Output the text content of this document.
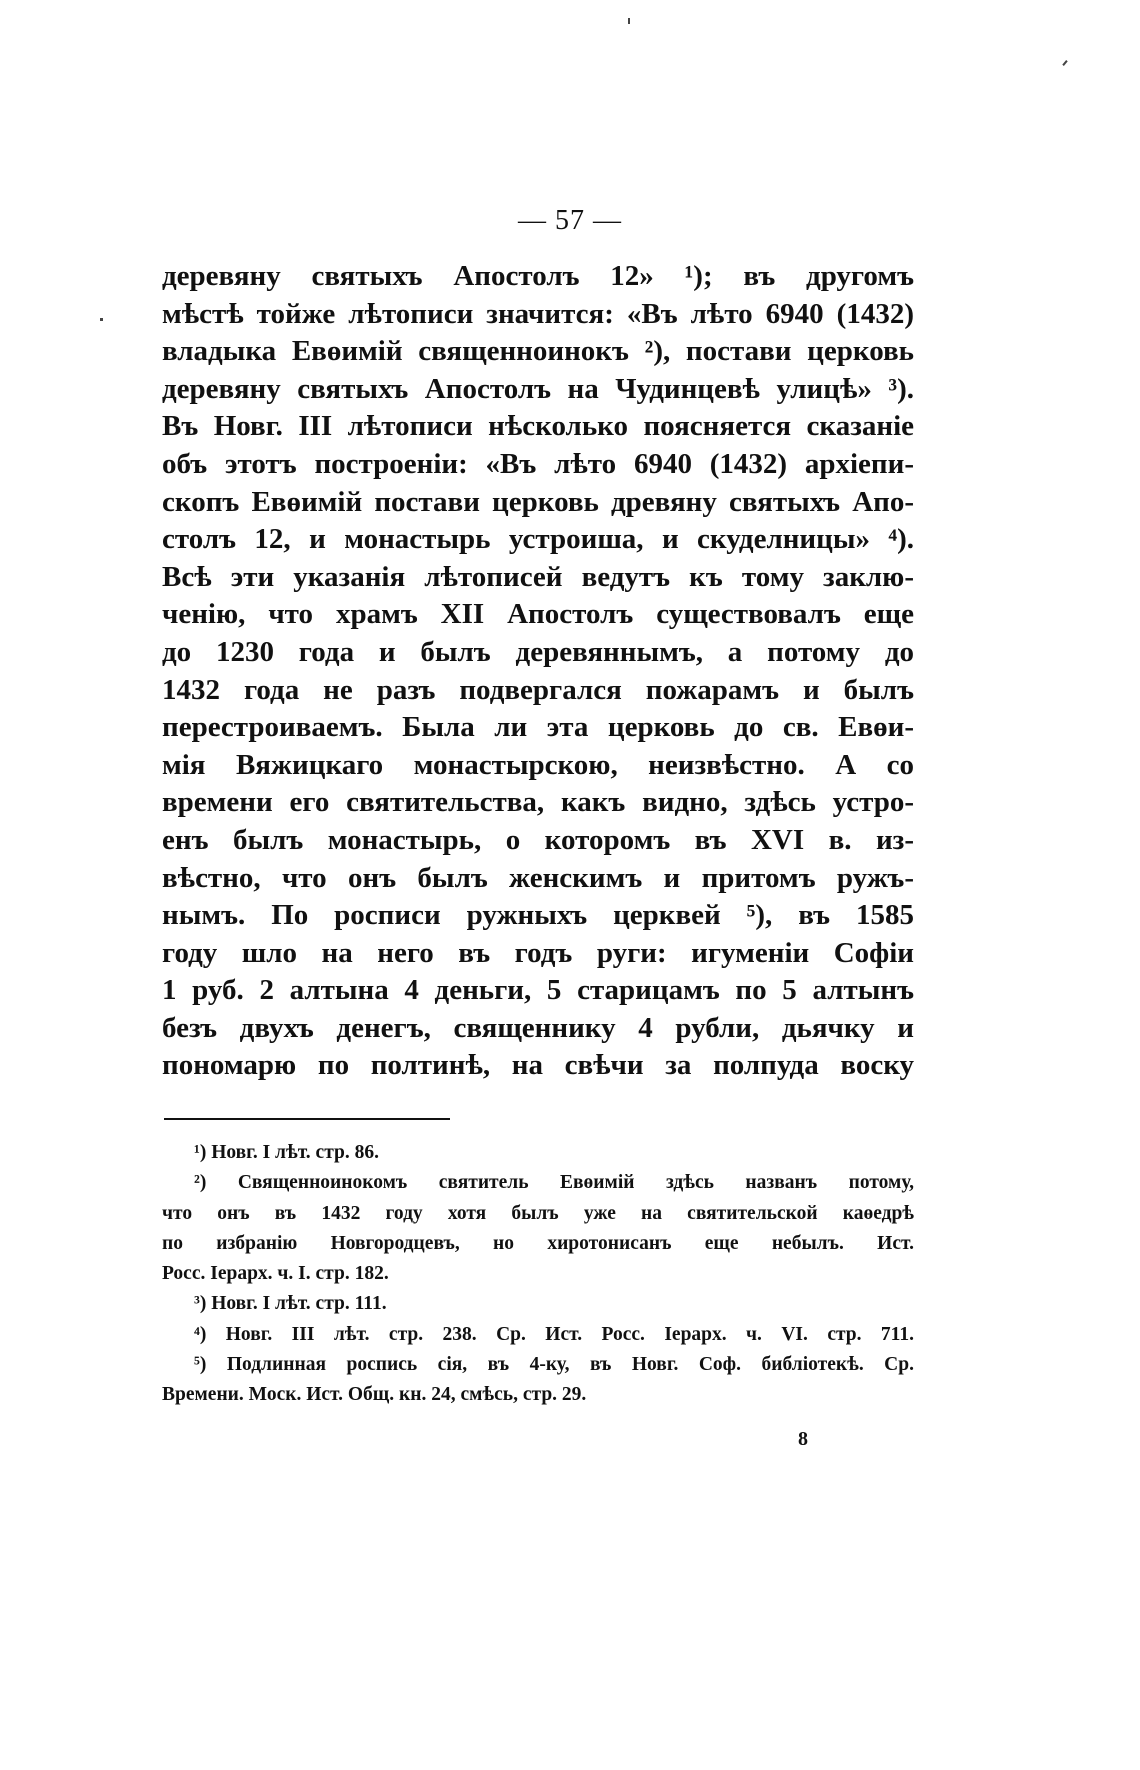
— 57 —
деревяну святыхъ Апостолъ 12» ¹); въ другомъ
мѣстѣ тойже лѣтописи значится: «Въ лѣто 6940 (1432)
владыка Евөимій священноинокъ ²), постави церковь
деревяну святыхъ Апостолъ на Чудинцевѣ улицѣ» ³).
Въ Новг. III лѣтописи нѣсколько поясняется сказаніе
объ этотъ построеніи: «Въ лѣто 6940 (1432) архіепи-
скопъ Евөимій постави церковь древяну святыхъ Апо-
столъ 12, и монастырь устроиша, и скуделницы» ⁴).
Всѣ эти указанія лѣтописей ведутъ къ тому заклю-
ченію, что храмъ XII Апостолъ существовалъ еще
до 1230 года и былъ деревяннымъ, а потому до
1432 года не разъ подвергался пожарамъ и былъ
перестроиваемъ. Была ли эта церковь до св. Евөи-
мія Вяжицкаго монастырскою, неизвѣстно. А со
времени его святительства, какъ видно, здѣсь устро-
енъ былъ монастырь, о которомъ въ XVI в. из-
вѣстно, что онъ былъ женскимъ и притомъ ружъ-
нымъ. По росписи ружныхъ церквей ⁵), въ 1585
году шло на него въ годъ руги: игуменіи Софіи
1 руб. 2 алтына 4 деньги, 5 старицамъ по 5 алтынъ
безъ двухъ денегъ, священнику 4 рубли, дьячку и
пономарю по полтинѣ, на свѣчи за полпуда воску
¹) Новг. I лѣт. стр. 86.
²) Священноинокомъ святитель Евөимій здѣсь названъ потому,
что онъ въ 1432 году хотя былъ уже на святительской каөедрѣ
по избранію Новгородцевъ, но хиротонисанъ еще небылъ. Ист.
Росс. Іерарх. ч. I. стр. 182.
³) Новг. I лѣт. стр. 111.
⁴) Новг. III лѣт. стр. 238. Ср. Ист. Росс. Іерарх. ч. VI. стр. 711.
⁵) Подлинная роспись сія, въ 4-ку, въ Новг. Соф. библіотекѣ. Ср.
Времени. Моск. Ист. Общ. кн. 24, смѣсь, стр. 29.
8
